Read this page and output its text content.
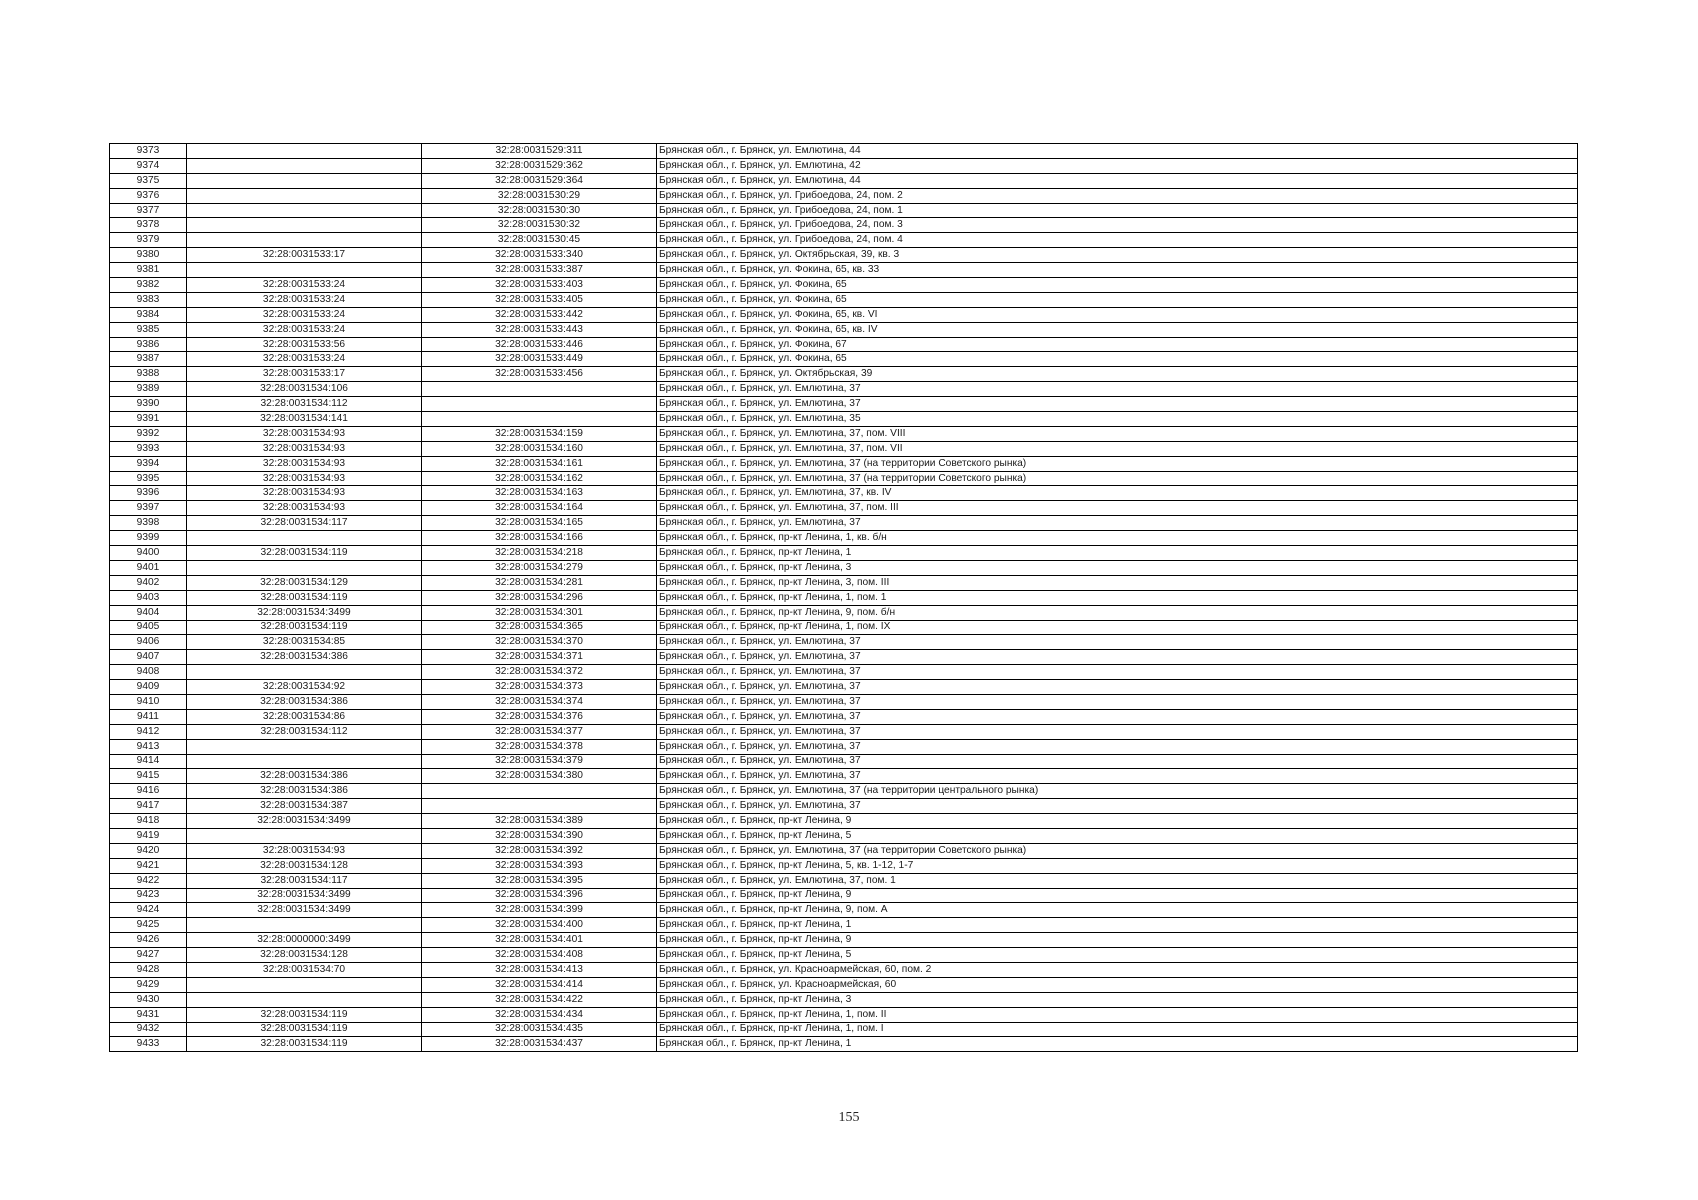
9373		32:28:0031529:311	Брянская обл., г. Брянск, ул. Емлютина, 44
9374		32:28:0031529:362	Брянская обл., г. Брянск, ул. Емлютина, 42
9375		32:28:0031529:364	Брянская обл., г. Брянск, ул. Емлютина, 44
9376		32:28:0031530:29	Брянская обл., г. Брянск, ул. Грибоедова, 24, пом. 2
9377		32:28:0031530:30	Брянская обл., г. Брянск, ул. Грибоедова, 24, пом. 1
9378		32:28:0031530:32	Брянская обл., г. Брянск, ул. Грибоедова, 24, пом. 3
9379		32:28:0031530:45	Брянская обл., г. Брянск, ул. Грибоедова, 24, пом. 4
9380	32:28:0031533:17	32:28:0031533:340	Брянская обл., г. Брянск, ул. Октябрьская, 39, кв. 3
9381		32:28:0031533:387	Брянская обл., г. Брянск, ул. Фокина, 65, кв. 33
9382	32:28:0031533:24	32:28:0031533:403	Брянская обл., г. Брянск, ул. Фокина, 65
9383	32:28:0031533:24	32:28:0031533:405	Брянская обл., г. Брянск, ул. Фокина, 65
9384	32:28:0031533:24	32:28:0031533:442	Брянская обл., г. Брянск, ул. Фокина, 65, кв. VI
9385	32:28:0031533:24	32:28:0031533:443	Брянская обл., г. Брянск, ул. Фокина, 65, кв. IV
9386	32:28:0031533:56	32:28:0031533:446	Брянская обл., г. Брянск, ул. Фокина, 67
9387	32:28:0031533:24	32:28:0031533:449	Брянская обл., г. Брянск, ул. Фокина, 65
9388	32:28:0031533:17	32:28:0031533:456	Брянская обл., г. Брянск, ул. Октябрьская, 39
9389	32:28:0031534:106		Брянская обл., г. Брянск, ул. Емлютина, 37
9390	32:28:0031534:112		Брянская обл., г. Брянск, ул. Емлютина, 37
9391	32:28:0031534:141		Брянская обл., г. Брянск, ул. Емлютина, 35
9392	32:28:0031534:93	32:28:0031534:159	Брянская обл., г. Брянск, ул. Емлютина, 37, пом. VIII
9393	32:28:0031534:93	32:28:0031534:160	Брянская обл., г. Брянск, ул. Емлютина, 37, пом. VII
9394	32:28:0031534:93	32:28:0031534:161	Брянская обл., г. Брянск, ул. Емлютина, 37 (на территории Советского рынка)
9395	32:28:0031534:93	32:28:0031534:162	Брянская обл., г. Брянск, ул. Емлютина, 37 (на территории Советского рынка)
9396	32:28:0031534:93	32:28:0031534:163	Брянская обл., г. Брянск, ул. Емлютина, 37, кв. IV
9397	32:28:0031534:93	32:28:0031534:164	Брянская обл., г. Брянск, ул. Емлютина, 37, пом. III
9398	32:28:0031534:117	32:28:0031534:165	Брянская обл., г. Брянск, ул. Емлютина, 37
9399		32:28:0031534:166	Брянская обл., г. Брянск, пр-кт Ленина, 1, кв. б/н
9400	32:28:0031534:119	32:28:0031534:218	Брянская обл., г. Брянск, пр-кт Ленина, 1
9401		32:28:0031534:279	Брянская обл., г. Брянск, пр-кт Ленина, 3
9402	32:28:0031534:129	32:28:0031534:281	Брянская обл., г. Брянск, пр-кт Ленина, 3, пом. III
9403	32:28:0031534:119	32:28:0031534:296	Брянская обл., г. Брянск, пр-кт Ленина, 1, пом. 1
9404	32:28:0031534:3499	32:28:0031534:301	Брянская обл., г. Брянск, пр-кт Ленина, 9, пом. б/н
9405	32:28:0031534:119	32:28:0031534:365	Брянская обл., г. Брянск, пр-кт Ленина, 1, пом. IX
9406	32:28:0031534:85	32:28:0031534:370	Брянская обл., г. Брянск, ул. Емлютина, 37
9407	32:28:0031534:386	32:28:0031534:371	Брянская обл., г. Брянск, ул. Емлютина, 37
9408		32:28:0031534:372	Брянская обл., г. Брянск, ул. Емлютина, 37
9409	32:28:0031534:92	32:28:0031534:373	Брянская обл., г. Брянск, ул. Емлютина, 37
9410	32:28:0031534:386	32:28:0031534:374	Брянская обл., г. Брянск, ул. Емлютина, 37
9411	32:28:0031534:86	32:28:0031534:376	Брянская обл., г. Брянск, ул. Емлютина, 37
9412	32:28:0031534:112	32:28:0031534:377	Брянская обл., г. Брянск, ул. Емлютина, 37
9413		32:28:0031534:378	Брянская обл., г. Брянск, ул. Емлютина, 37
9414		32:28:0031534:379	Брянская обл., г. Брянск, ул. Емлютина, 37
9415	32:28:0031534:386	32:28:0031534:380	Брянская обл., г. Брянск, ул. Емлютина, 37
9416	32:28:0031534:386		Брянская обл., г. Брянск, ул. Емлютина, 37 (на территории центрального рынка)
9417	32:28:0031534:387		Брянская обл., г. Брянск, ул. Емлютина, 37
9418	32:28:0031534:3499	32:28:0031534:389	Брянская обл., г. Брянск, пр-кт Ленина, 9
9419		32:28:0031534:390	Брянская обл., г. Брянск, пр-кт Ленина, 5
9420	32:28:0031534:93	32:28:0031534:392	Брянская обл., г. Брянск, ул. Емлютина, 37 (на территории Советского рынка)
9421	32:28:0031534:128	32:28:0031534:393	Брянская обл., г. Брянск, пр-кт Ленина, 5, кв. 1-12, 1-7
9422	32:28:0031534:117	32:28:0031534:395	Брянская обл., г. Брянск, ул. Емлютина, 37, пом. 1
9423	32:28:0031534:3499	32:28:0031534:396	Брянская обл., г. Брянск, пр-кт Ленина, 9
9424	32:28:0031534:3499	32:28:0031534:399	Брянская обл., г. Брянск, пр-кт Ленина, 9, пом. А
9425		32:28:0031534:400	Брянская обл., г. Брянск, пр-кт Ленина, 1
9426	32:28:0000000:3499	32:28:0031534:401	Брянская обл., г. Брянск, пр-кт Ленина, 9
9427	32:28:0031534:128	32:28:0031534:408	Брянская обл., г. Брянск, пр-кт Ленина, 5
9428	32:28:0031534:70	32:28:0031534:413	Брянская обл., г. Брянск, ул. Красноармейская, 60, пом. 2
9429		32:28:0031534:414	Брянская обл., г. Брянск, ул. Красноармейская, 60
9430		32:28:0031534:422	Брянская обл., г. Брянск, пр-кт Ленина, 3
9431	32:28:0031534:119	32:28:0031534:434	Брянская обл., г. Брянск, пр-кт Ленина, 1, пом. II
9432	32:28:0031534:119	32:28:0031534:435	Брянская обл., г. Брянск, пр-кт Ленина, 1, пом. I
9433	32:28:0031534:119	32:28:0031534:437	Брянская обл., г. Брянск, пр-кт Ленина, 1
155
